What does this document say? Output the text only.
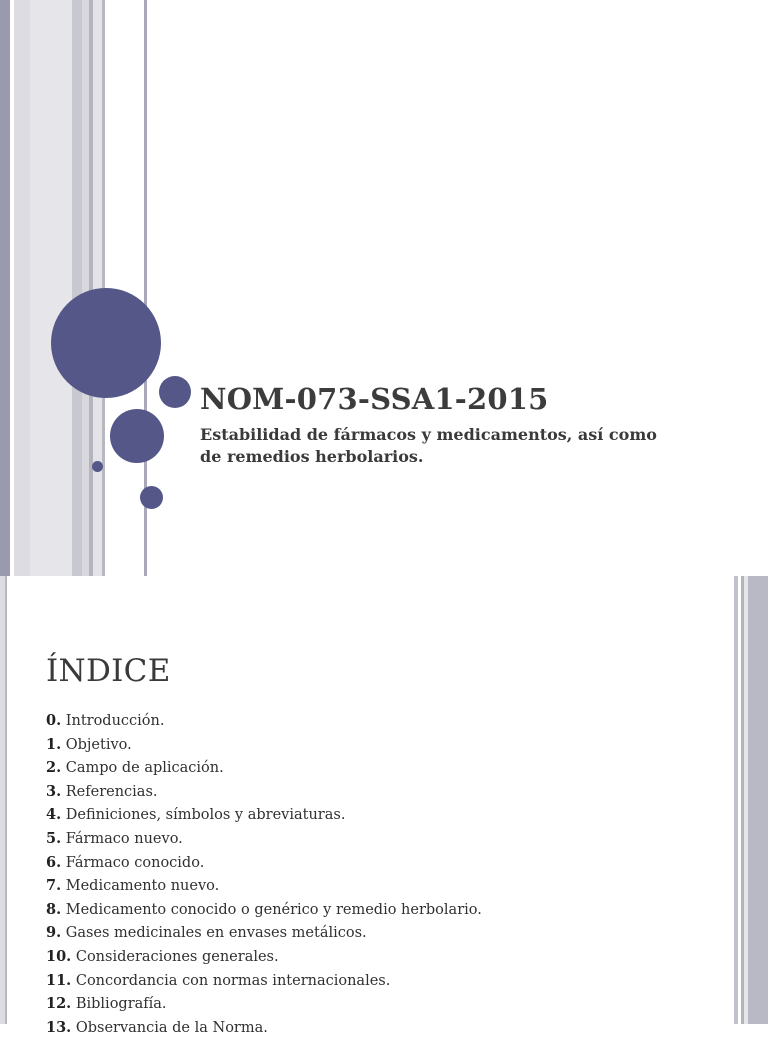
NOM-073-SSA1-2015

Estabilidad de fármacos y medicamentos, así como de remedios herbolarios.

ÍNDICE
0. Introducción.
1. Objetivo.
2. Campo de aplicación.
3. Referencias.
4. Definiciones, símbolos y abreviaturas.
5. Fármaco nuevo.
6. Fármaco conocido.
7. Medicamento nuevo.
8. Medicamento conocido o genérico y remedio herbolario.
9. Gases medicinales en envases metálicos.
10. Consideraciones generales.
11. Concordancia con normas internacionales.
12. Bibliografía.
13. Observancia de la Norma.
